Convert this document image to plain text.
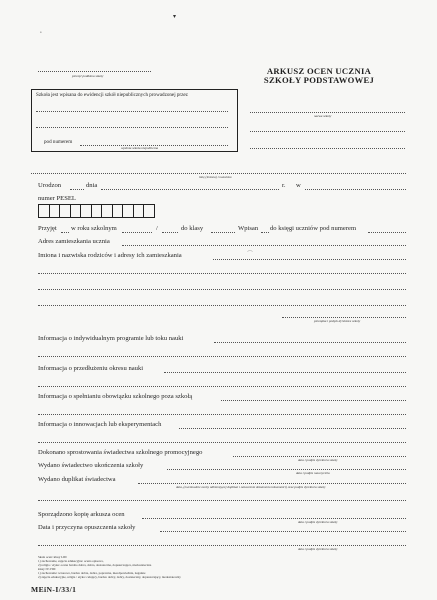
pieczęć podłużna szkoły	ARKUSZ OCEN UCZNIA
SZKOŁY PODSTAWOWEJ
nazwa szkoły
Szkoła jest wpisana do ewidencji szkół niepublicznych prowadzonej przez
pod numerem
wpełnia szkoła niepubliczna
imię (imiona) i nazwisko
Urodzon	dnia	r. w
numer PESEL
Przyjęt w roku szkolnym	/	do klasy	Wpisan do księgi uczniów pod numerem
Adres zamieszkania ucznia
Imiona i nazwiska rodziców i adresy ich zamieszkania	⌒
pieczątka i podpis dyrektora szkoły
Informacja o indywidualnym programie lub toku nauki
Informacja o przedłużeniu okresu nauki
Informacja o spełnianiu obowiązku szkolnego poza szkołą
Informacja o innowacjach lub eksperymentach
Dokonano sprostowania świadectwa szkolnego promocyjnego
data i podpis dyrektora szkoły
Wydano świadectwo ukończenia szkoły
data i podpis nauczyciela
Wydano duplikat świadectwa
data, (ewentualnie osoby odbierającej duplikat i oznaczenie dokumentu tożsamości) oraz podpis dyrektora szkoły
Sporządzono kopię arkusza ocen
data i podpis dyrektora szkoły
Data i przyczyna opuszczenia szkoły
data i podpis dyrektora szkoły
Skala ocen: klasy I-III:
1) zachowanie, zajęcia edukacyjne: ocena opisowa,
2) religia / etyka: ocena bardzo dobra, dobra, dostateczna, dopuszczająca, niedostateczna
klasy IV-VIII:
1) zachowanie: wzorowe, bardzo dobre, dobre, poprawne, nieodpowiednie, naganne
2) zajęcia edukacyjne, religia / etyka: celujący, bardzo dobry, dobry, dostateczny, dopuszczający, niedostateczny
MEiN-I/33/1
•
▾
